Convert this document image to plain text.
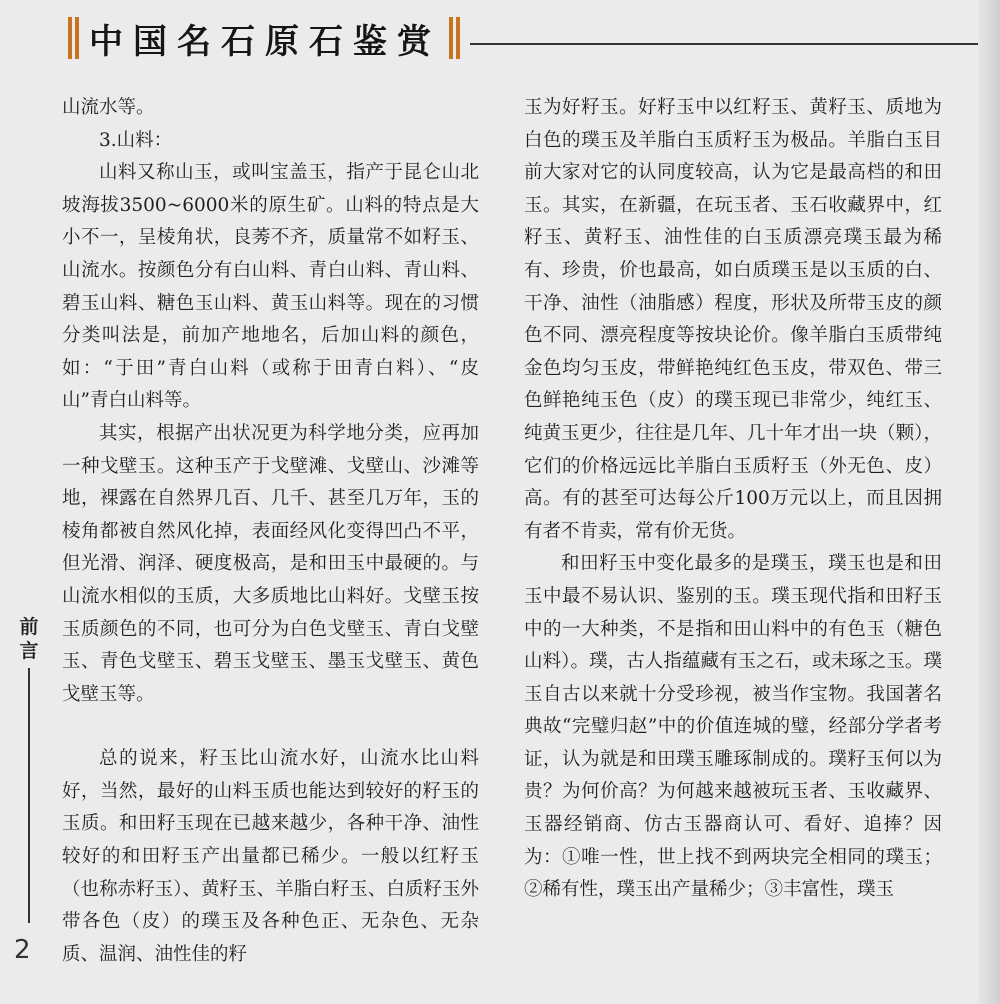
中国名石原石鉴赏

山流水等。

3.山料：

山料又称山玉，或叫宝盖玉，指产于昆仑山北坡海拔3500~6000米的原生矿。山料的特点是大小不一，呈棱角状，良莠不齐，质量常不如籽玉、山流水。按颜色分有白山料、青白山料、青山料、碧玉山料、糖色玉山料、黄玉山料等。现在的习惯分类叫法是，前加产地地名，后加山料的颜色，如：“于田”青白山料（或称于田青白料）、“皮山”青白山料等。

其实，根据产出状况更为科学地分类，应再加一种戈壁玉。这种玉产于戈壁滩、戈壁山、沙滩等地，裸露在自然界几百、几千、甚至几万年，玉的棱角都被自然风化掉，表面经风化变得凹凸不平，但光滑、润泽、硬度极高，是和田玉中最硬的。与山流水相似的玉质，大多质地比山料好。戈壁玉按玉质颜色的不同，也可分为白色戈壁玉、青白戈壁玉、青色戈壁玉、碧玉戈壁玉、墨玉戈壁玉、黄色戈壁玉等。

总的说来，籽玉比山流水好，山流水比山料好，当然，最好的山料玉质也能达到较好的籽玉的玉质。和田籽玉现在已越来越少，各种干净、油性较好的和田籽玉产出量都已稀少。一般以红籽玉（也称赤籽玉）、黄籽玉、羊脂白籽玉、白质籽玉外带各色（皮）的璞玉及各种色正、无杂色、无杂质、温润、油性佳的籽

玉为好籽玉。好籽玉中以红籽玉、黄籽玉、质地为白色的璞玉及羊脂白玉质籽玉为极品。羊脂白玉目前大家对它的认同度较高，认为它是最高档的和田玉。其实，在新疆，在玩玉者、玉石收藏界中，红籽玉、黄籽玉、油性佳的白玉质漂亮璞玉最为稀有、珍贵，价也最高，如白质璞玉是以玉质的白、干净、油性（油脂感）程度，形状及所带玉皮的颜色不同、漂亮程度等按块论价。像羊脂白玉质带纯金色均匀玉皮，带鲜艳纯红色玉皮，带双色、带三色鲜艳纯玉色（皮）的璞玉现已非常少，纯红玉、纯黄玉更少，往往是几年、几十年才出一块（颗），它们的价格远远比羊脂白玉质籽玉（外无色、皮）高。有的甚至可达每公斤100万元以上，而且因拥有者不肯卖，常有价无货。

和田籽玉中变化最多的是璞玉，璞玉也是和田玉中最不易认识、鉴别的玉。璞玉现代指和田籽玉中的一大种类，不是指和田山料中的有色玉（糖色山料）。璞，古人指蕴藏有玉之石，或未琢之玉。璞玉自古以来就十分受珍视，被当作宝物。我国著名典故“完璧归赵”中的价值连城的璧，经部分学者考证，认为就是和田璞玉雕琢制成的。璞籽玉何以为贵？为何价高？为何越来越被玩玉者、玉收藏界、玉器经销商、仿古玉器商认可、看好、追捧？因为：①唯一性，世上找不到两块完全相同的璞玉；②稀有性，璞玉出产量稀少；③丰富性，璞玉

前
言
2
